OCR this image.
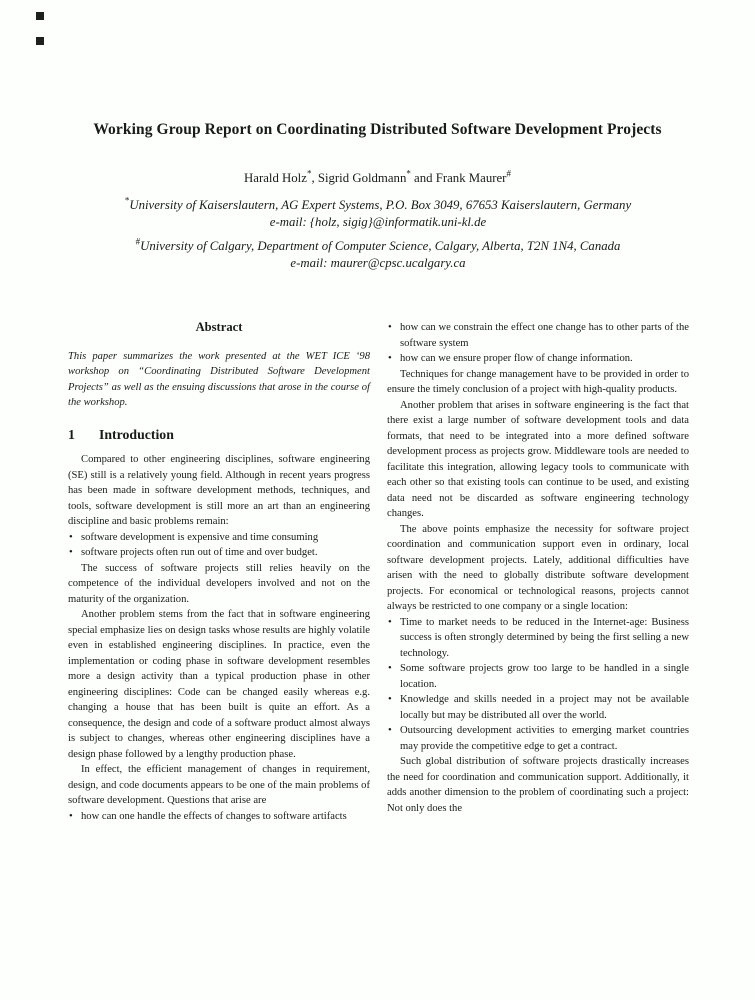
Working Group Report on Coordinating Distributed Software Development Projects
Harald Holz*, Sigrid Goldmann* and Frank Maurer#
*University of Kaiserslautern, AG Expert Systems, P.O. Box 3049, 67653 Kaiserslautern, Germany
e-mail: {holz, sigig}@informatik.uni-kl.de
#University of Calgary, Department of Computer Science, Calgary, Alberta, T2N 1N4, Canada
e-mail: maurer@cpsc.ucalgary.ca
Abstract
This paper summarizes the work presented at the WET ICE ‘98 workshop on “Coordinating Distributed Software Development Projects” as well as the ensuing discussions that arose in the course of the workshop.
1	Introduction
Compared to other engineering disciplines, software engineering (SE) still is a relatively young field. Although in recent years progress has been made in software development methods, techniques, and tools, software development is still more an art than an engineering discipline and basic problems remain:
• software development is expensive and time consuming
• software projects often run out of time and over budget.
The success of software projects still relies heavily on the competence of the individual developers involved and not on the maturity of the organization.
Another problem stems from the fact that in software engineering special emphasize lies on design tasks whose results are highly volatile even in established engineering disciplines. In practice, even the implementation or coding phase in software development resembles more a design activity than a typical production phase in other engineering disciplines: Code can be changed easily whereas e.g. changing a house that has been built is quite an effort. As a consequence, the design and code of a software product almost always is subject to changes, whereas other engineering disciplines have a design phase followed by a lengthy production phase.
In effect, the efficient management of changes in requirement, design, and code documents appears to be one of the main problems of software development. Questions that arise are
• how can one handle the effects of changes to software artifacts
• how can we constrain the effect one change has to other parts of the software system
• how can we ensure proper flow of change information.
Techniques for change management have to be provided in order to ensure the timely conclusion of a project with high-quality products.
Another problem that arises in software engineering is the fact that there exist a large number of software development tools and data formats, that need to be integrated into a more defined software development process as projects grow. Middleware tools are needed to facilitate this integration, allowing legacy tools to communicate with each other so that existing tools can continue to be used, and existing data need not be discarded as software engineering technology changes.
The above points emphasize the necessity for software project coordination and communication support even in ordinary, local software development projects. Lately, additional difficulties have arisen with the need to globally distribute software development projects. For economical or technological reasons, projects cannot always be restricted to one company or a single location:
• Time to market needs to be reduced in the Internet-age: Business success is often strongly determined by being the first selling a new technology.
• Some software projects grow too large to be handled in a single location.
• Knowledge and skills needed in a project may not be available locally but may be distributed all over the world.
• Outsourcing development activities to emerging market countries may provide the competitive edge to get a contract.
Such global distribution of software projects drastically increases the need for coordination and communication support. Additionally, it adds another dimension to the problem of coordinating such a project: Not only does the
